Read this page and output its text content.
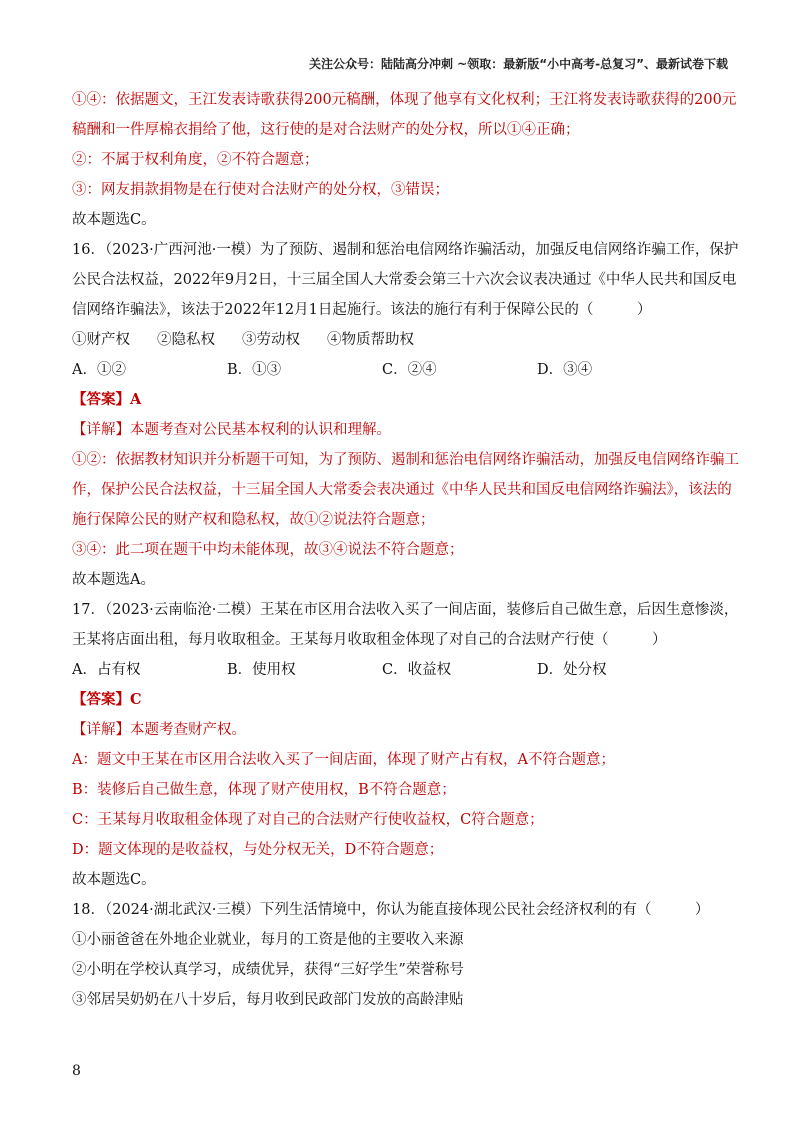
关注公众号：陆陆高分冲刺 ~领取：最新版“小中高考-总复习”、最新试卷下载
①④：依据题文，王江发表诗歌获得200元稿酬，体现了他享有文化权利；王江将发表诗歌获得的200元
稿酬和一件厚棉衣捐给了他，这行使的是对合法财产的处分权，所以①④正确；
②：不属于权利角度，②不符合题意；
③：网友捐款捐物是在行使对合法财产的处分权，③错误；
故本题选C。
16．（2023·广西河池·一模）为了预防、遏制和惩治电信网络诈骗活动，加强反电信网络诈骗工作，保护
公民合法权益，2022年9月2日，十三届全国人大常委会第三十六次会议表决通过《中华人民共和国反电
信网络诈骗法》，该法于2022年12月1日起施行。该法的施行有利于保障公民的（　　　）
①财产权	②隐私权	③劳动权	④物质帮助权
A．①②	B．①③	C．②④	D．③④
【答案】A
【详解】本题考查对公民基本权利的认识和理解。
①②：依据教材知识并分析题干可知，为了预防、遏制和惩治电信网络诈骗活动，加强反电信网络诈骗工
作，保护公民合法权益，十三届全国人大常委会表决通过《中华人民共和国反电信网络诈骗法》，该法的
施行保障公民的财产权和隐私权，故①②说法符合题意；
③④：此二项在题干中均未能体现，故③④说法不符合题意；
故本题选A。
17．（2023·云南临沧·二模）王某在市区用合法收入买了一间店面，装修后自己做生意，后因生意惨淡，
王某将店面出租，每月收取租金。王某每月收取租金体现了对自己的合法财产行使（　　　）
A．占有权	B．使用权	C．收益权	D．处分权
【答案】C
【详解】本题考查财产权。
A：题文中王某在市区用合法收入买了一间店面，体现了财产占有权，A不符合题意；
B：装修后自己做生意，体现了财产使用权，B不符合题意；
C：王某每月收取租金体现了对自己的合法财产行使收益权，C符合题意；
D：题文体现的是收益权，与处分权无关，D不符合题意；
故本题选C。
18．（2024·湖北武汉·三模）下列生活情境中，你认为能直接体现公民社会经济权利的有（　　　）
①小丽爸爸在外地企业就业，每月的工资是他的主要收入来源
②小明在学校认真学习，成绩优异，获得“三好学生”荣誉称号
③邻居吴奶奶在八十岁后，每月收到民政部门发放的高龄津贴
8
